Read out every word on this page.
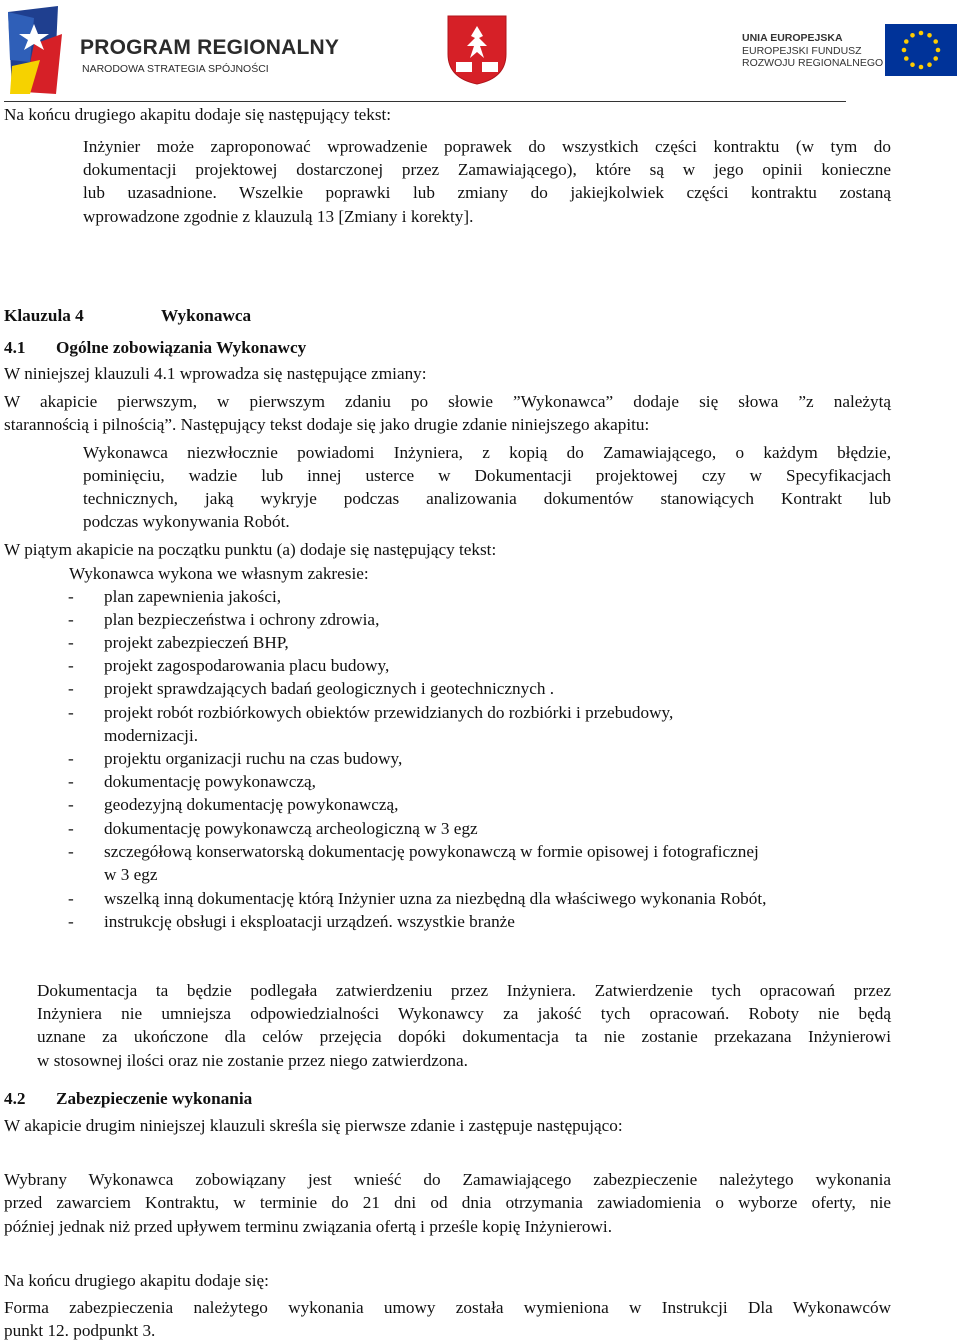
PROGRAM REGIONALNY
NARODOWA STRATEGIA SPÓJNOŚCI
UNIA EUROPEJSKA
EUROPEJSKI FUNDUSZ
ROZWOJU REGIONALNEGO

Na końcu drugiego akapitu dodaje się następujący tekst:

Inżynier może zaproponować wprowadzenie poprawek do wszystkich części kontraktu (w tym do
dokumentacji projektowej dostarczonej przez Zamawiającego), które są w jego opinii konieczne
lub uzasadnione. Wszelkie poprawki lub zmiany do jakiejkolwiek części kontraktu zostaną
wprowadzone zgodnie z klauzulą 13 [Zmiany i korekty].
Klauzula 4	Wykonawca
4.1 Ogólne zobowiązania Wykonawcy
W niniejszej klauzuli 4.1 wprowadza się następujące zmiany:
W akapicie pierwszym, w pierwszym zdaniu po słowie ”Wykonawca” dodaje się słowa ”z należytą
starannością i pilnością”. Następujący tekst dodaje się jako drugie zdanie niniejszego akapitu:
Wykonawca niezwłocznie powiadomi Inżyniera, z kopią do Zamawiającego, o każdym błędzie,
pominięciu, wadzie lub innej usterce w Dokumentacji projektowej czy w Specyfikacjach
technicznych, jaką wykryje podczas analizowania dokumentów stanowiących Kontrakt lub
podczas wykonywania Robót.
W piątym akapicie na początku punktu (a) dodaje się następujący tekst:
Wykonawca wykona we własnym zakresie:
- plan zapewnienia jakości,
- plan bezpieczeństwa i ochrony zdrowia,
- projekt zabezpieczeń BHP,
- projekt zagospodarowania placu budowy,
- projekt sprawdzających badań geologicznych i geotechnicznych .
- projekt robót rozbiórkowych obiektów przewidzianych do rozbiórki i przebudowy,
modernizacji.
- projektu organizacji ruchu na czas budowy,
- dokumentację powykonawczą,
- geodezyjną dokumentację powykonawczą,
- dokumentację powykonawczą archeologiczną w 3 egz
- szczegółową konserwatorską dokumentację powykonawczą w formie opisowej i fotograficznej
w 3 egz
- wszelką inną dokumentację którą Inżynier uzna za niezbędną dla właściwego wykonania Robót,
- instrukcję obsługi i eksploatacji urządzeń. wszystkie branże
Dokumentacja ta będzie podlegała zatwierdzeniu przez Inżyniera. Zatwierdzenie tych opracowań przez
Inżyniera nie umniejsza odpowiedzialności Wykonawcy za jakość tych opracowań. Roboty nie będą
uznane za ukończone dla celów przejęcia dopóki dokumentacja ta nie zostanie przekazana Inżynierowi
w stosownej ilości oraz nie zostanie przez niego zatwierdzona.
4.2 Zabezpieczenie wykonania
W akapicie drugim niniejszej klauzuli skreśla się pierwsze zdanie i zastępuje następująco:
Wybrany Wykonawca zobowiązany jest wnieść do Zamawiającego zabezpieczenie należytego wykonania
przed zawarciem Kontraktu, w terminie do 21 dni od dnia otrzymania zawiadomienia o wyborze oferty, nie
później jednak niż przed upływem terminu związania ofertą i prześle kopię Inżynierowi.
Na końcu drugiego akapitu dodaje się:
Forma zabezpieczenia należytego wykonania umowy została wymieniona w Instrukcji Dla Wykonawców
punkt 12. podpunkt 3.
